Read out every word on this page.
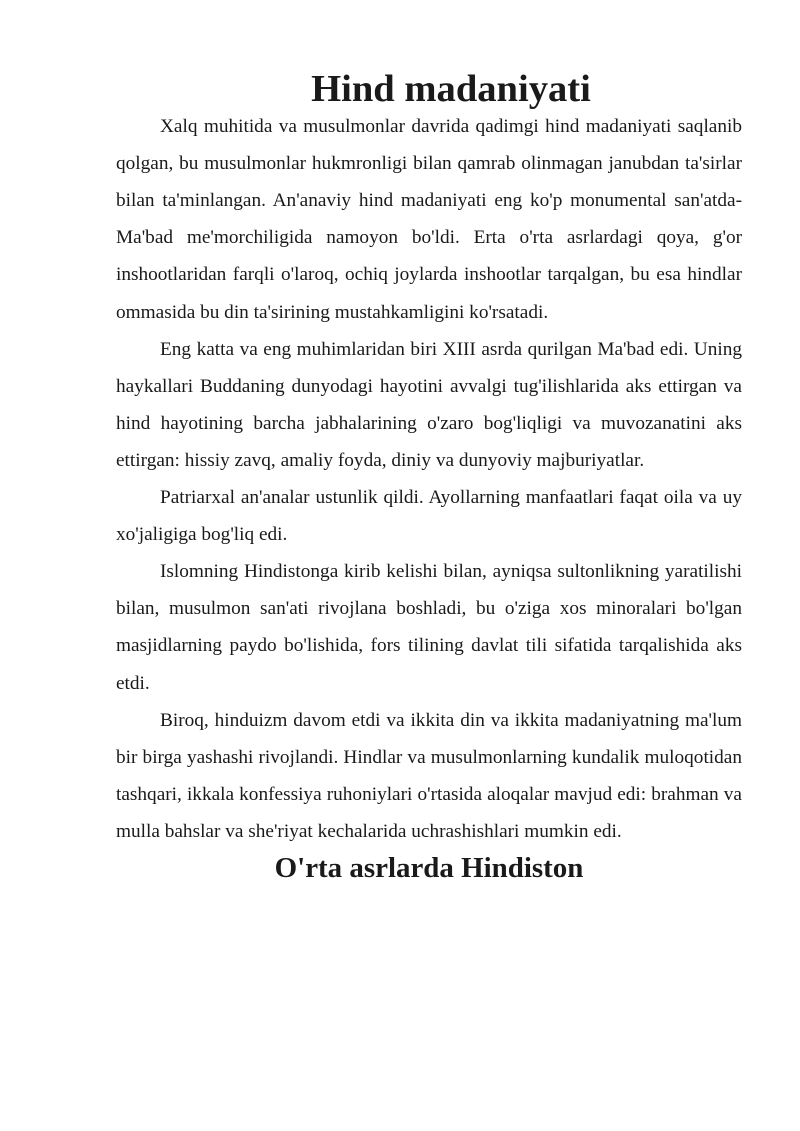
Hind madaniyati

Xalq muhitida va musulmonlar davrida qadimgi hind madaniyati saqlanib qolgan, bu musulmonlar hukmronligi bilan qamrab olinmagan janubdan ta'sirlar bilan ta'minlangan. An'anaviy hind madaniyati eng ko'p monumental san'atda-Ma'bad me'morchiligida namoyon bo'ldi. Erta o'rta asrlardagi qoya, g'or inshootlaridan farqli o'laroq, ochiq joylarda inshootlar tarqalgan, bu esa hindlar ommasida bu din ta'sirining mustahkamligini ko'rsatadi.

Eng katta va eng muhimlaridan biri XIII asrda qurilgan Ma'bad edi. Uning haykallari Buddaning dunyodagi hayotini avvalgi tug'ilishlarida aks ettirgan va hind hayotining barcha jabhalarining o'zaro bog'liqligi va muvozanatini aks ettirgan: hissiy zavq, amaliy foyda, diniy va dunyoviy majburiyatlar.

Patriarxal an'analar ustunlik qildi. Ayollarning manfaatlari faqat oila va uy xo'jaligiga bog'liq edi.

Islomning Hindistonga kirib kelishi bilan, ayniqsa sultonlikning yaratilishi bilan, musulmon san'ati rivojlana boshladi, bu o'ziga xos minoralari bo'lgan masjidlarning paydo bo'lishida, fors tilining davlat tili sifatida tarqalishida aks etdi.

Biroq, hinduizm davom etdi va ikkita din va ikkita madaniyatning ma'lum bir birga yashashi rivojlandi. Hindlar va musulmonlarning kundalik muloqotidan tashqari, ikkala konfessiya ruhoniylari o'rtasida aloqalar mavjud edi: brahman va mulla bahslar va she'riyat kechalarida uchrashishlari mumkin edi.

O'rta asrlarda Hindiston
